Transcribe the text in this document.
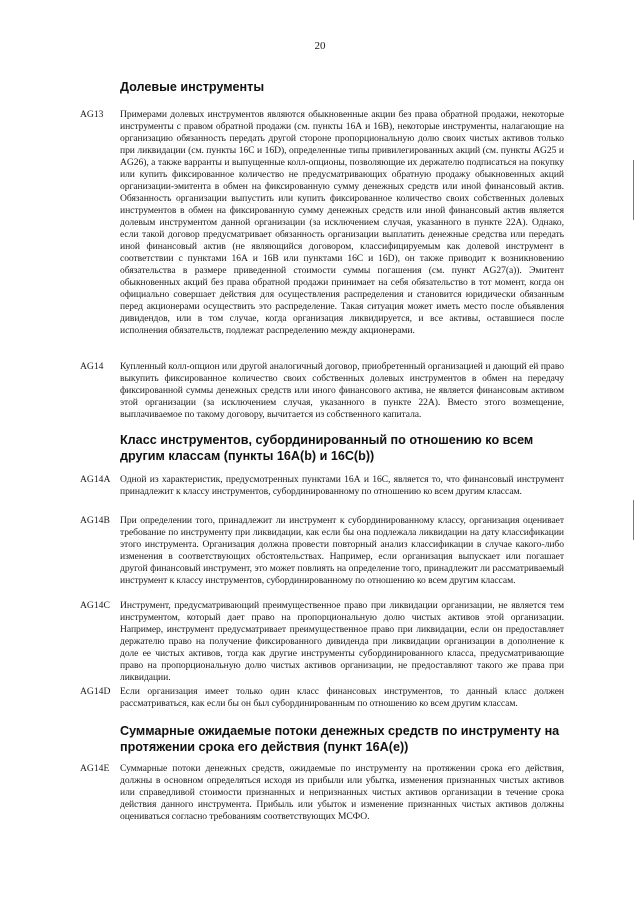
20
Долевые инструменты
AG13	Примерами долевых инструментов являются обыкновенные акции без права обратной продажи, некоторые инструменты с правом обратной продажи (см. пункты 16А и 16В), некоторые инструменты, налагающие на организацию обязанность передать другой стороне пропорциональную долю своих чистых активов только при ликвидации (см. пункты 16С и 16D), определенные типы привилегированных акций (см. пункты AG25 и AG26), а также варранты и выпущенные колл-опционы, позволяющие их держателю подписаться на покупку или купить фиксированное количество не предусматривающих обратную продажу обыкновенных акций организации-эмитента в обмен на фиксированную сумму денежных средств или иной финансовый актив. Обязанность организации выпустить или купить фиксированное количество своих собственных долевых инструментов в обмен на фиксированную сумму денежных средств или иной финансовый актив является долевым инструментом данной организации (за исключением случая, указанного в пункте 22А). Однако, если такой договор предусматривает обязанность организации выплатить денежные средства или передать иной финансовый актив (не являющийся договором, классифицируемым как долевой инструмент в соответствии с пунктами 16А и 16В или пунктами 16С и 16D), он также приводит к возникновению обязательства в размере приведенной стоимости суммы погашения (см. пункт AG27(a)). Эмитент обыкновенных акций без права обратной продажи принимает на себя обязательство в тот момент, когда он официально совершает действия для осуществления распределения и становится юридически обязанным перед акционерами осуществить это распределение. Такая ситуация может иметь место после объявления дивидендов, или в том случае, когда организация ликвидируется, и все активы, оставшиеся после исполнения обязательств, подлежат распределению между акционерами.
AG14	Купленный колл-опцион или другой аналогичный договор, приобретенный организацией и дающий ей право выкупить фиксированное количество своих собственных долевых инструментов в обмен на передачу фиксированной суммы денежных средств или иного финансового актива, не является финансовым активом этой организации (за исключением случая, указанного в пункте 22А). Вместо этого возмещение, выплачиваемое по такому договору, вычитается из собственного капитала.
Класс инструментов, субординированный по отношению ко всем другим классам (пункты 16А(b) и 16С(b))
AG14A	Одной из характеристик, предусмотренных пунктами 16А и 16С, является то, что финансовый инструмент принадлежит к классу инструментов, субординированному по отношению ко всем другим классам.
AG14B	При определении того, принадлежит ли инструмент к субординированному классу, организация оценивает требование по инструменту при ликвидации, как если бы она подлежала ликвидации на дату классификации этого инструмента. Организация должна провести повторный анализ классификации в случае какого-либо изменения в соответствующих обстоятельствах. Например, если организация выпускает или погашает другой финансовый инструмент, это может повлиять на определение того, принадлежит ли рассматриваемый инструмент к классу инструментов, субординированному по отношению ко всем другим классам.
AG14C	Инструмент, предусматривающий преимущественное право при ликвидации организации, не является тем инструментом, который дает право на пропорциональную долю чистых активов этой организации. Например, инструмент предусматривает преимущественное право при ликвидации, если он предоставляет держателю право на получение фиксированного дивиденда при ликвидации организации в дополнение к доле ее чистых активов, тогда как другие инструменты субординированного класса, предусматривающие право на пропорциональную долю чистых активов организации, не предоставляют такого же права при ликвидации.
AG14D	Если организация имеет только один класс финансовых инструментов, то данный класс должен рассматриваться, как если бы он был субординированным по отношению ко всем другим классам.
Суммарные ожидаемые потоки денежных средств по инструменту на протяжении срока его действия (пункт 16А(е))
AG14E	Суммарные потоки денежных средств, ожидаемые по инструменту на протяжении срока его действия, должны в основном определяться исходя из прибыли или убытка, изменения признанных чистых активов или справедливой стоимости признанных и непризнанных чистых активов организации в течение срока действия данного инструмента. Прибыль или убыток и изменение признанных чистых активов должны оцениваться согласно требованиям соответствующих МСФО.
